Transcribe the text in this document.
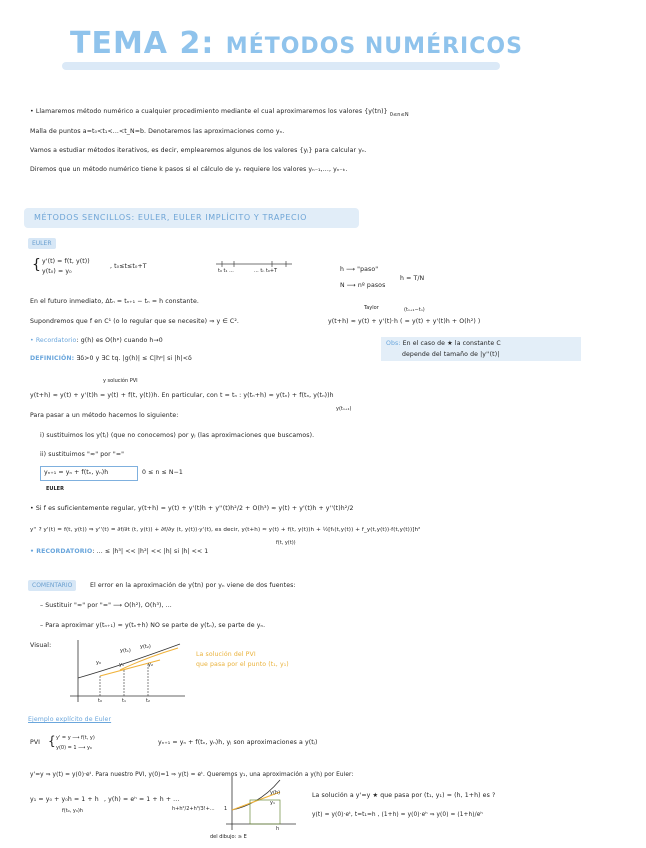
TEMA 2: MÉTODOS NUMÉRICOS
• Llamaremos método numérico a cualquier procedimiento mediante el cual aproximaremos los valores {y(tn)} $_{0\le n\le N}$
Malla de puntos a=t₀<t₁<...<t_N=b. Denotaremos las aproximaciones como yₙ.
Vamos a estudiar métodos iterativos, es decir, emplearemos algunos de los valores {yⱼ} para calcular yₙ.
Diremos que un método numérico tiene k pasos si el cálculo de yₙ requiere los valores yₙ₋₁,..., yₙ₋ₖ.
MÉTODOS SENCILLOS: EULER, EULER IMPLÍCITO Y TRAPECIO
EULER
{ y'(t) = f(t, y(t))
y(t₀) = y₀
, t₀≤t≤t₀+T
t₀ t₁ ...	... tₙ t₀+T	h ⟶ "paso"
N ⟶ nº pasos
h = T/N
En el futuro inmediato, Δtₙ = tₙ₊₁ − tₙ = h constante.
Supondremos que f en C¹ (o lo regular que se necesite) ⇒ y ∈ C².
Taylor	(tₙ₊₁−tₙ)
y(t+h) ≈ y(t) + y'(t)·h ( = y(t) + y'(t)h + O(h²) )
• Recordatorio: g(h) es O(hᵖ) cuando h→0
DEFINICIÓN: ∃δ>0 y ∃C tq. |g(h)| ≤ C|hᵖ| si |h|<δ
Obs: En el caso de ★ la constante C
depende del tamaño de |y''(t)|
y solución PVI
y(t+h) ≈ y(t) + y'(t)h = y(t) + f(t, y(t))h. En particular, con t = tₙ : y(tₙ+h) ≈ y(tₙ) + f(tₙ, y(tₙ))h
y(tₙ₊₁)
Para pasar a un método hacemos lo siguiente:
i) sustituimos los y(tⱼ) (que no conocemos) por yⱼ (las aproximaciones que buscamos).
ii) sustituimos "≈" por "="
yₙ₊₁ = yₙ + f(tₙ, yₙ)h	0 ≤ n ≤ N−1
EULER
• Si f es suficientemente regular, y(t+h) = y(t) + y'(t)h + y''(t)h²/2 + O(h³) ≈ y(t) + y'(t)h + y''(t)h²/2
y'' ? y'(t) = f(t, y(t)) ⇒ y''(t) = ∂f/∂t (t, y(t)) + ∂f/∂y (t, y(t))·y'(t), es decir, y(t+h) ≈ y(t) + f(t, y(t))h + ½[fₜ(t,y(t)) + f_y(t,y(t))·f(t,y(t))]h²
f(t, y(t))
• RECORDATORIO: ... ≤ |h³| << |h²| << |h| si |h| << 1
COMENTARIO	El error en la aproximación de y(tn) por yₙ viene de dos fuentes:
– Sustituir "≈" por "=" ⟶ O(h²), O(h³), ...
– Para aproximar y(tₙ₊₁) ≈ y(tₙ+h) NO se parte de y(tₙ), se parte de yₙ.
Visual:
y₀	y₁
y(t₁)
y(t₂)
y₂
t₀	t₁	t₂
La solución del PVI
que pasa por el punto (t₁, y₁)
Ejemplo explícito de Euler
PVI { y' = y ⟶ f(t, y)
y(0) = 1 ⟶ y₀
yₙ₊₁ = yₙ + f(tₙ, yₙ)h, yⱼ son aproximaciones a y(tⱼ)
y'=y ⇒ y(t) = y(0)·eᵗ. Para nuestro PVI, y(0)=1 ⇒ y(t) = eᵗ. Queremos y₁, una aproximación a y(h) por Euler:
y₁ = y₀ + y₀h = 1 + h
f(t₀, y₀)h
, y(h) = eʰ = 1 + h + ...
h+h²/2+h³/3!+...
y(h)
y₁
1
h
del dibujo: ≥ E
La solución a y'=y ★ que pasa por (t₁, y₁) = (h, 1+h) es ?
y(t) = y(0)·eᵗ, t=t₁=h , (1+h) = y(0)·eʰ ⇒ y(0) = (1+h)/eʰ
